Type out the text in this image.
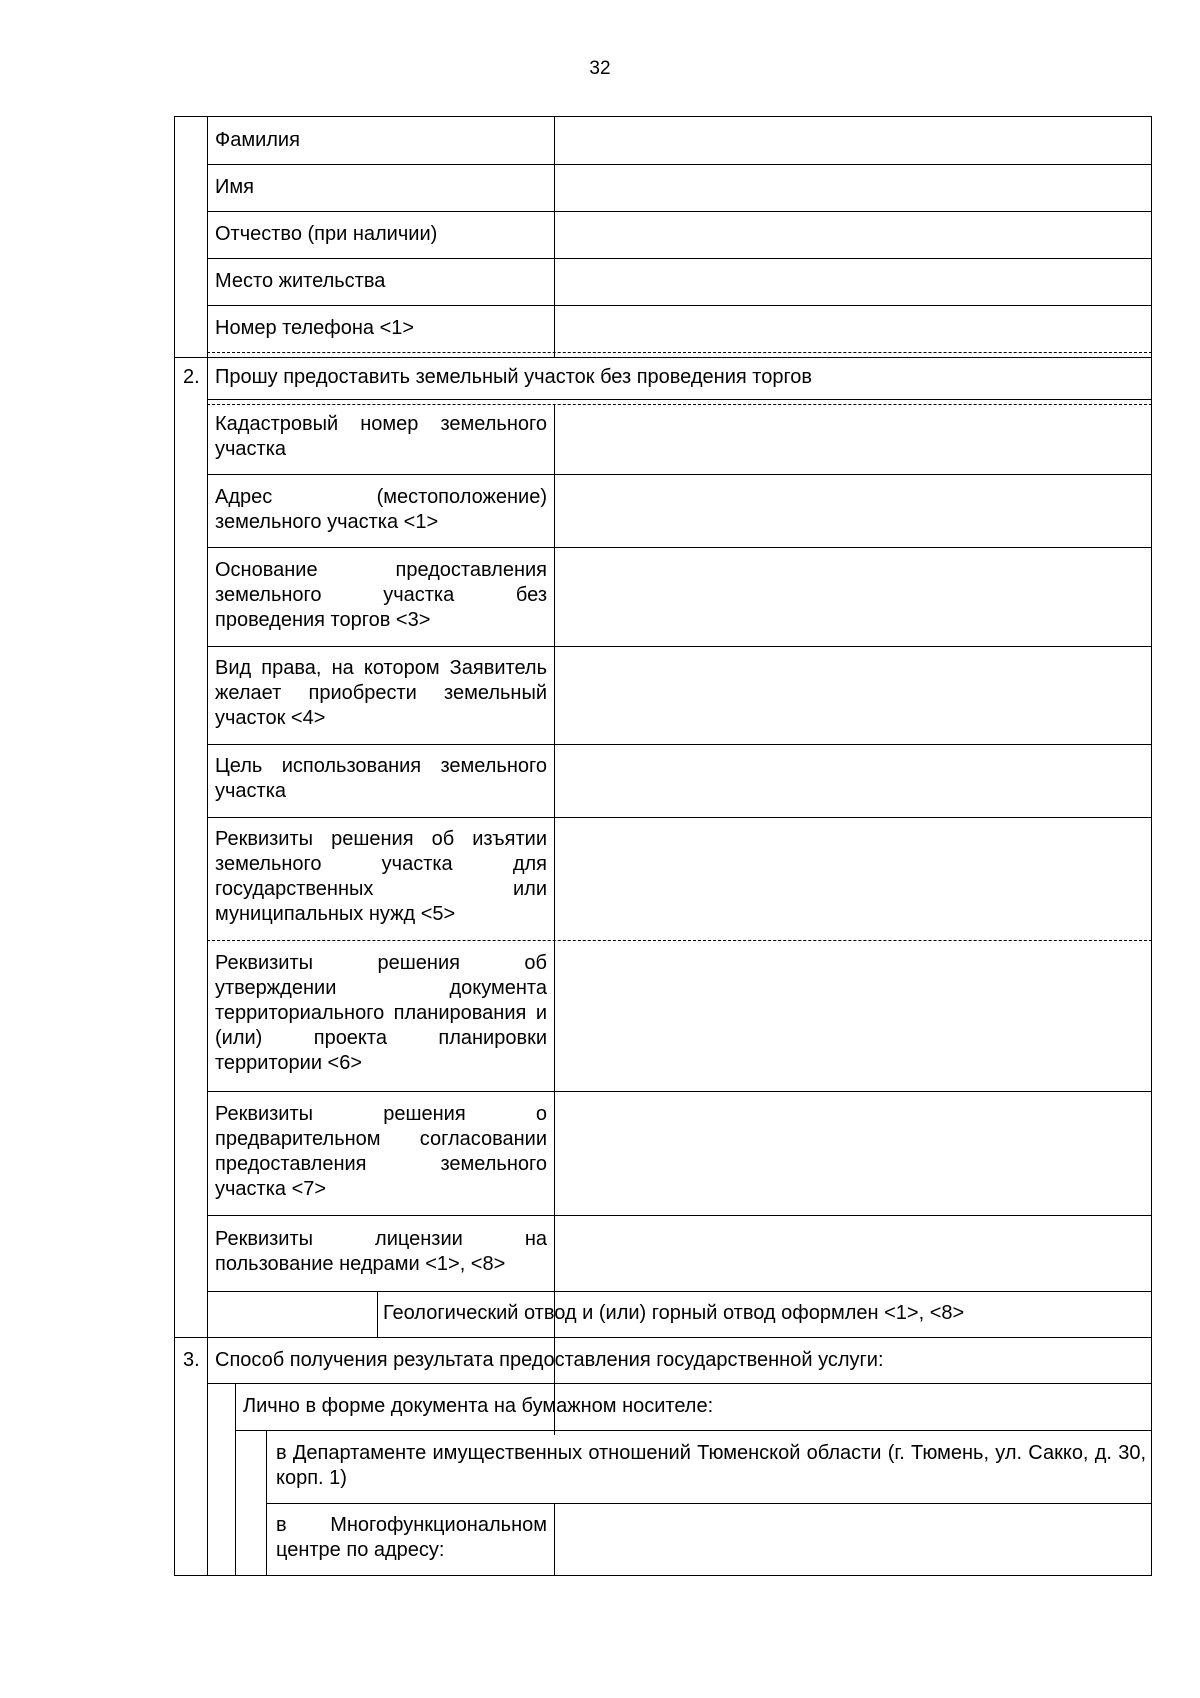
32
Фамилия
Имя
Отчество (при наличии)
Место жительства
Номер телефона <1>
2. Прошу предоставить земельный участок без проведения торгов
Кадастровый номер земельного участка
Адрес (местоположение) земельного участка <1>
Основание предоставления земельного участка без проведения торгов <3>
Вид права, на котором Заявитель желает приобрести земельный участок <4>
Цель использования земельного участка
Реквизиты решения об изъятии земельного участка для государственных или муниципальных нужд <5>
Реквизиты решения об утверждении документа территориального планирования и (или) проекта планировки территории <6>
Реквизиты решения о предварительном согласовании предоставления земельного участка <7>
Реквизиты лицензии на пользование недрами <1>, <8>
Геологический отвод и (или) горный отвод оформлен <1>, <8>
3. Способ получения результата предоставления государственной услуги:
Лично в форме документа на бумажном носителе:
в Департаменте имущественных отношений Тюменской области (г. Тюмень, ул. Сакко, д. 30, корп. 1)
в Многофункциональном центре по адресу:
